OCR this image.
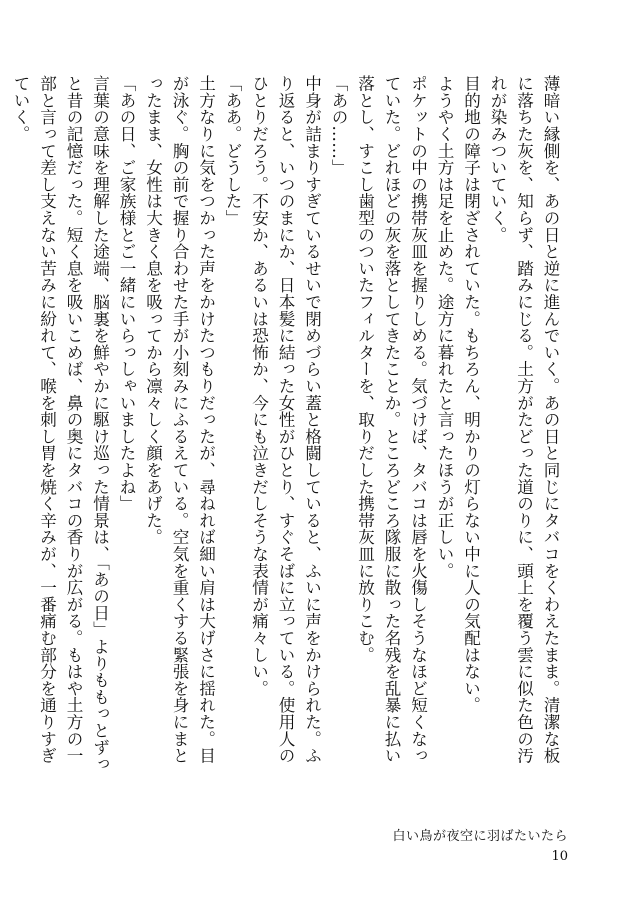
薄暗い縁側を、あの日と逆に進んでいく。あの日と同じにタバコをくわえたまま。清潔な板に落ちた灰を、知らず、踏みにじる。土方がたどった道のりに、頭上を覆う雲に似た色の汚れが染みついていく。

目的地の障子は閉ざされていた。もちろん、明かりの灯らない中に人の気配はない。

ようやく土方は足を止めた。途方に暮れたと言ったほうが正しい。

ポケットの中の携帯灰皿を握りしめる。気づけば、タバコは唇を火傷しそうなほど短くなっていた。どれほどの灰を落としてきたことか。ところどころ隊服に散った名残を乱暴に払い落とし、すこし歯型のついたフィルターを、取りだした携帯灰皿に放りこむ。

「あの……」

中身が詰まりすぎているせいで閉めづらい蓋と格闘していると、ふいに声をかけられた。ふり返ると、いつのまにか、日本髪に結った女性がひとり、すぐそばに立っている。使用人のひとりだろう。不安か、あるいは恐怖か、今にも泣きだしそうな表情が痛々しい。

「ああ。どうした」

土方なりに気をつかった声をかけたつもりだったが、尋ねれば細い肩は大げさに揺れた。目が泳ぐ。胸の前で握り合わせた手が小刻みにふるえている。空気を重くする緊張を身にまとったまま、女性は大きく息を吸ってから凛々しく顔をあげた。

「あの日、ご家族様とご一緒にいらっしゃいましたよね」

言葉の意味を理解した途端、脳裏を鮮やかに駆け巡った情景は、「あの日」よりももっとずっと昔の記憶だった。短く息を吸いこめば、鼻の奥にタバコの香りが広がる。もはや土方の一部と言って差し支えない苦みに紛れて、喉を刺し胃を焼く辛みが、一番痛む部分を通りすぎていく。

白い鳥が夜空に羽ばたいたら
10
